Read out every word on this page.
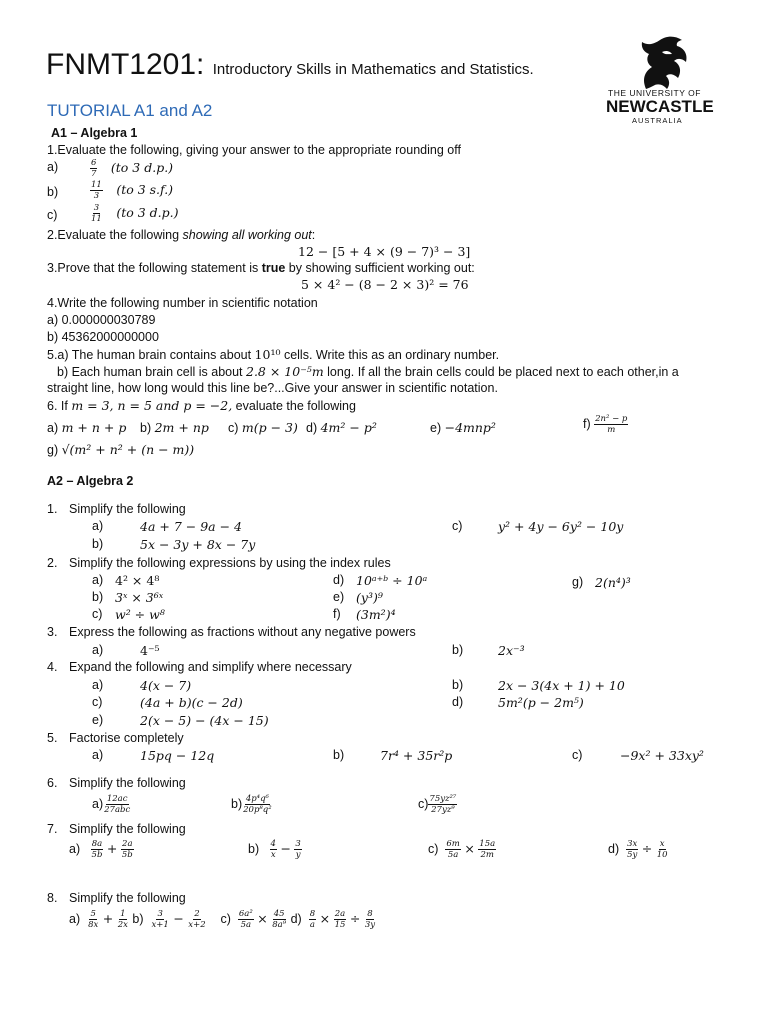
FNMT1201: Introductory Skills in Mathematics and Statistics.
TUTORIAL A1 and A2
THE UNIVERSITY OF
NEWCASTLE
AUSTRALIA
A1 – Algebra 1
1.Evaluate the following, giving your answer to the appropriate rounding off
a)	$\frac{6}{7} (to$ 3 d.p.)
b)	$\frac{11}{3} (to$ 3 s.f.)
c)	$\frac{3}{11} (to$ 3 d.p.)
2.Evaluate the following showing all working out:
12 − [5 + 4 × (9 − 7)³ − 3]
3.Prove that the following statement is true by showing sufficient working out:
5 × 4² − (8 − 2 × 3)² = 76
4.Write the following number in scientific notation
a) 0.000000030789
b) 45362000000000
5.a) The human brain contains about 10¹⁰ cells. Write this as an ordinary number.
b) Each human brain cell is about 2.8 × 10⁻⁵m long. If all the brain cells could be placed next to each other,in a
straight line, how long would this line be?...Give your answer in scientific notation.
6. If m = 3, n = 5 and p = −2, evaluate the following
a) m + n + p b) 2m + np c) m(p − 3) d) 4m² − p²	e) −4mnp²	$f) \frac{\text{2n² − p}}{m}$
g) √(m² + n² + (n − m))
A2 – Algebra 2
1. Simplify the following
a)	4a + 7 − 9a − 4	c)	y² + 4y − 6y² − 10y
b)	5x − 3y + 8x − 7y
2. Simplify the following expressions by using the index rules
a) 4² × 4⁸	d) 10ᵃ⁺ᵇ ÷ 10ᵃ	g) 2(n⁴)³
b) 3ˣ × 3⁶ˣ	e) (y³)⁹
c) w² ÷ w⁸	f) (3m²)⁴
3. Express the following as fractions without any negative powers
a)	4⁻⁵	b)	2x⁻³
4. Expand the following and simplify where necessary
a)	4(x − 7)	b)	2x − 3(4x + 1) + 10
c)	(4a + b)(c − 2d)	d)	5m²(p − 2m⁵)
e)	2(x − 5) − (4x − 15)
5. Factorise completely
a)	15pq − 12q	b)	7r⁴ + 35r²p	c)	−9x² + 33xy²
6. Simplify the following
$a) \frac{12ac}{\text{27abc}}$	$b) \frac{\text{4p⁴q⁶}}{\text{20p⁸q²}}$	$c) \frac{\text{75yz²⁷}}{\text{27yz⁹}}$
7. Simplify the following
$a) \frac{8a}{5b} + \frac{2a}{5b}$	$b) \frac{4}{x} - \frac{3}{y}$	$c) \frac{6m}{5a} \times \frac{15a}{2m}$	$d) \frac{3x}{5y} \div \frac{x}{10}$
8. Simplify the following
$a) \frac{5}{8x} + \frac{1}{2x} b) \frac{3}{x+1} - \frac{2}{x+2} c) \frac{\text{6a²}}{5a} \times \frac{45}{\text{8a⁹}} d) \frac{8}{a} \times \frac{2a}{15} \div \frac{8}{3y}$
